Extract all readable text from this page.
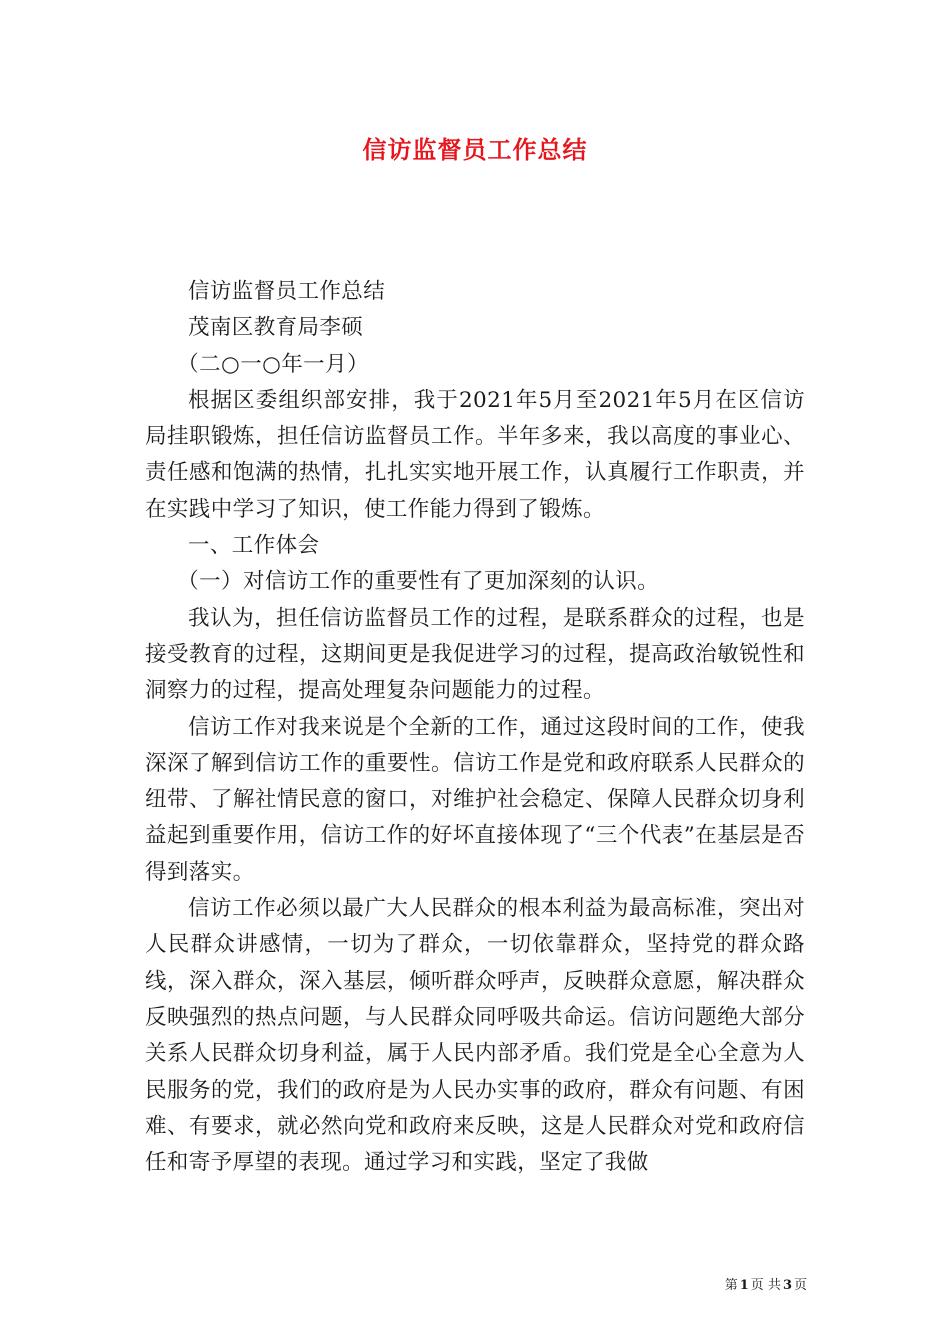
信访监督员工作总结

信访监督员工作总结

茂南区教育局李硕

（二○一○年一月）

根据区委组织部安排，我于2021年5月至2021年5月在区信访局挂职锻炼，担任信访监督员工作。半年多来，我以高度的事业心、责任感和饱满的热情，扎扎实实地开展工作，认真履行工作职责，并在实践中学习了知识，使工作能力得到了锻炼。

一、工作体会

（一）对信访工作的重要性有了更加深刻的认识。

我认为，担任信访监督员工作的过程，是联系群众的过程，也是接受教育的过程，这期间更是我促进学习的过程，提高政治敏锐性和洞察力的过程，提高处理复杂问题能力的过程。

信访工作对我来说是个全新的工作，通过这段时间的工作，使我深深了解到信访工作的重要性。信访工作是党和政府联系人民群众的纽带、了解社情民意的窗口，对维护社会稳定、保障人民群众切身利益起到重要作用，信访工作的好坏直接体现了“三个代表”在基层是否得到落实。

信访工作必须以最广大人民群众的根本利益为最高标准，突出对人民群众讲感情，一切为了群众，一切依靠群众，坚持党的群众路线，深入群众，深入基层，倾听群众呼声，反映群众意愿，解决群众反映强烈的热点问题，与人民群众同呼吸共命运。信访问题绝大部分关系人民群众切身利益，属于人民内部矛盾。我们党是全心全意为人民服务的党，我们的政府是为人民办实事的政府，群众有问题、有困难、有要求，就必然向党和政府来反映，这是人民群众对党和政府信任和寄予厚望的表现。通过学习和实践，坚定了我做

第 1 页 共 3 页
